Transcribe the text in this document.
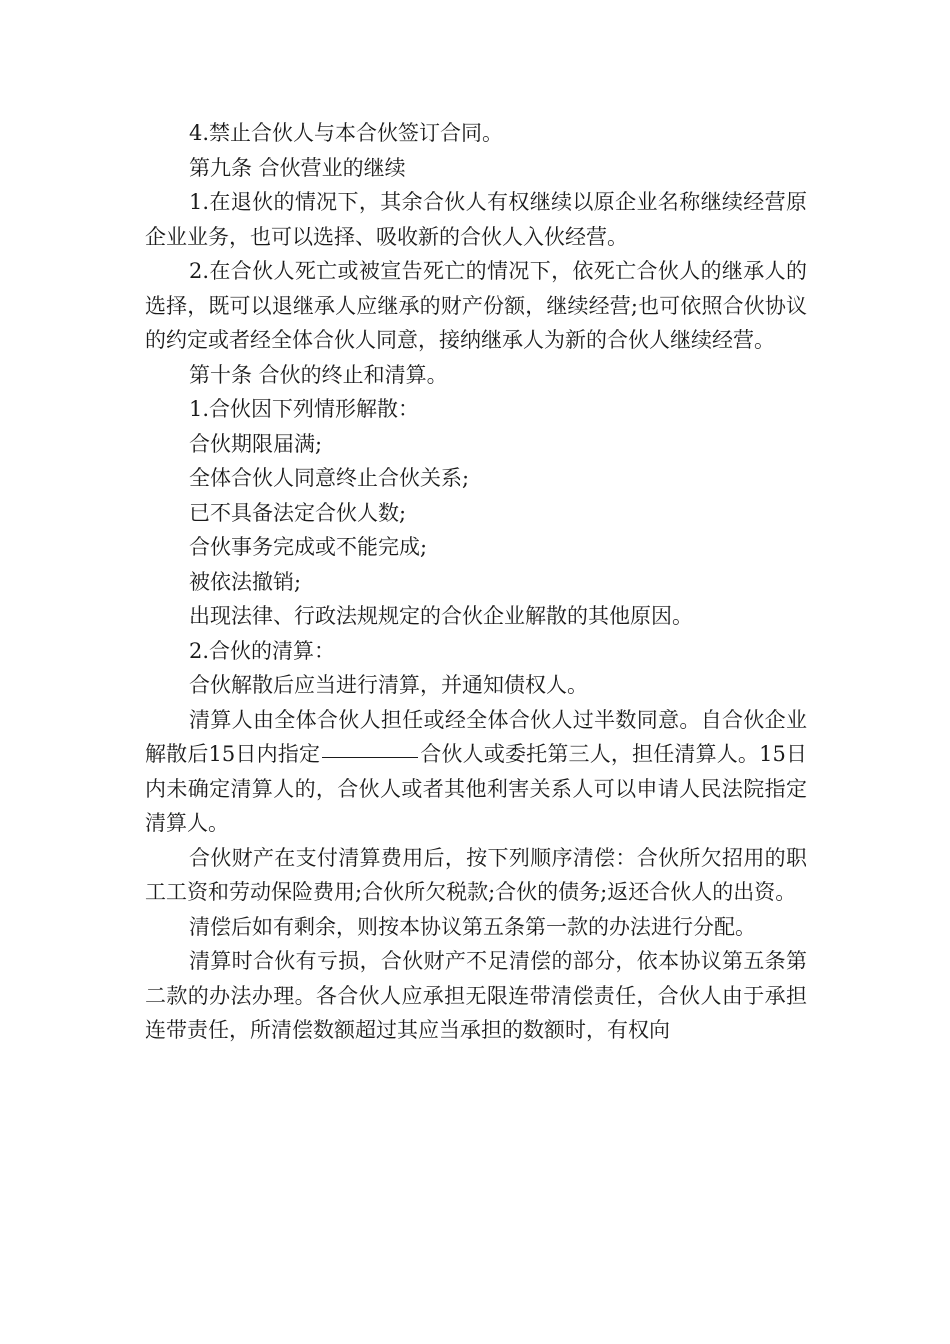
4.禁止合伙人与本合伙签订合同。

第九条 合伙营业的继续

1.在退伙的情况下，其余合伙人有权继续以原企业名称继续经营原企业业务，也可以选择、吸收新的合伙人入伙经营。

2.在合伙人死亡或被宣告死亡的情况下，依死亡合伙人的继承人的选择，既可以退继承人应继承的财产份额，继续经营;也可依照合伙协议的约定或者经全体合伙人同意，接纳继承人为新的合伙人继续经营。

第十条 合伙的终止和清算。

1.合伙因下列情形解散：

合伙期限届满;

全体合伙人同意终止合伙关系;

已不具备法定合伙人数;

合伙事务完成或不能完成;

被依法撤销;

出现法律、行政法规规定的合伙企业解散的其他原因。

2.合伙的清算：

合伙解散后应当进行清算，并通知债权人。

清算人由全体合伙人担任或经全体合伙人过半数同意。自合伙企业解散后15日内指定	合伙人或委托第三人，担任清算人。15日内未确定清算人的，合伙人或者其他利害关系人可以申请人民法院指定清算人。

合伙财产在支付清算费用后，按下列顺序清偿：合伙所欠招用的职工工资和劳动保险费用;合伙所欠税款;合伙的债务;返还合伙人的出资。

清偿后如有剩余，则按本协议第五条第一款的办法进行分配。

清算时合伙有亏损，合伙财产不足清偿的部分，依本协议第五条第二款的办法办理。各合伙人应承担无限连带清偿责任，合伙人由于承担连带责任，所清偿数额超过其应当承担的数额时，有权向
